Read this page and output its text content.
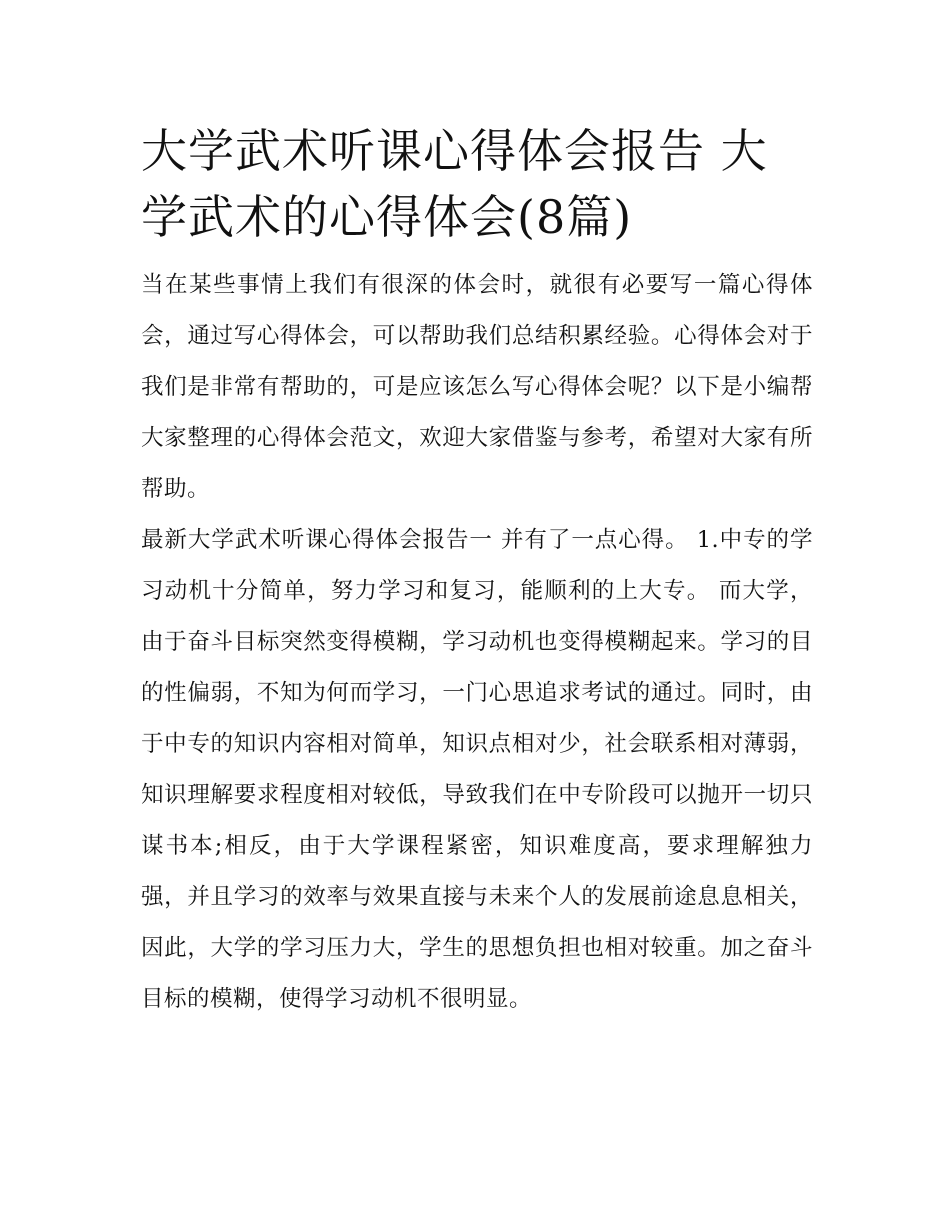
大学武术听课心得体会报告 大学武术的心得体会(8篇)

当在某些事情上我们有很深的体会时，就很有必要写一篇心得体会，通过写心得体会，可以帮助我们总结积累经验。心得体会对于我们是非常有帮助的，可是应该怎么写心得体会呢？以下是小编帮大家整理的心得体会范文，欢迎大家借鉴与参考，希望对大家有所帮助。

最新大学武术听课心得体会报告一 并有了一点心得。 1.中专的学习动机十分简单，努力学习和复习，能顺利的上大专。 而大学，由于奋斗目标突然变得模糊，学习动机也变得模糊起来。学习的目的性偏弱，不知为何而学习，一门心思追求考试的通过。同时，由于中专的知识内容相对简单，知识点相对少，社会联系相对薄弱，知识理解要求程度相对较低，导致我们在中专阶段可以抛开一切只谋书本;相反，由于大学课程紧密，知识难度高，要求理解独力强，并且学习的效率与效果直接与未来个人的发展前途息息相关，因此，大学的学习压力大，学生的思想负担也相对较重。加之奋斗目标的模糊，使得学习动机不很明显。
